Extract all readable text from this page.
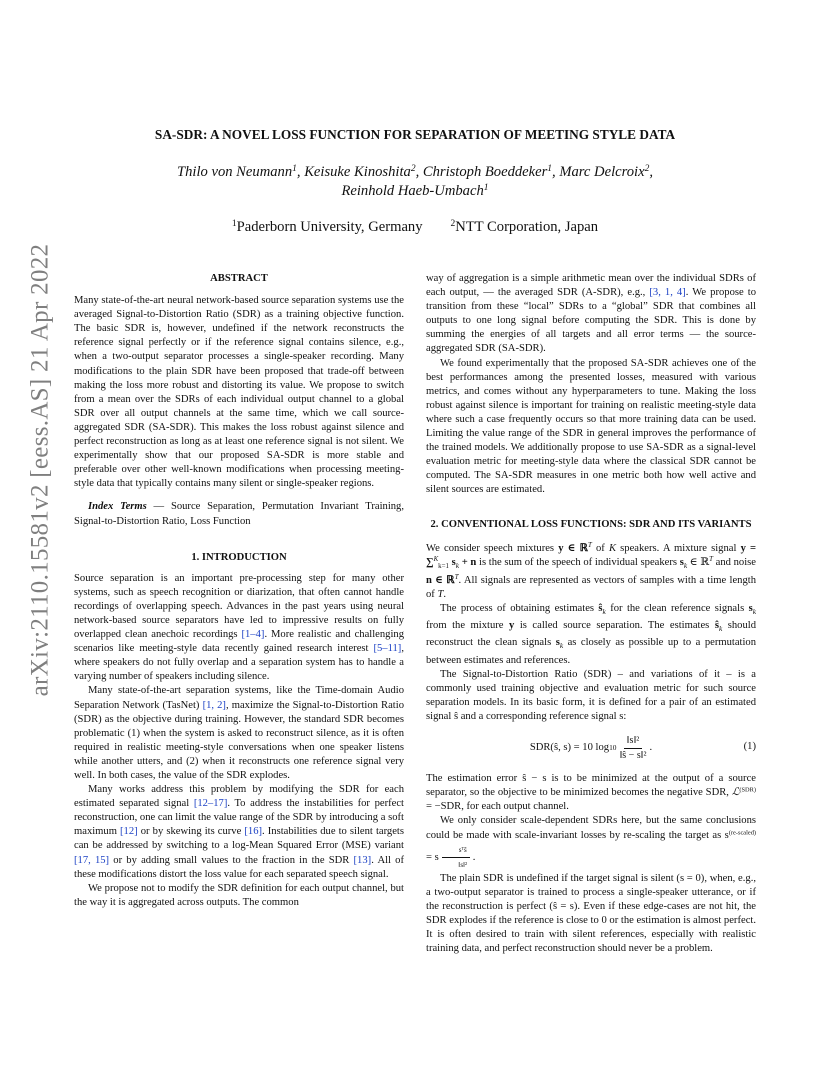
arXiv:2110.15581v2 [eess.AS] 21 Apr 2022
SA-SDR: A NOVEL LOSS FUNCTION FOR SEPARATION OF MEETING STYLE DATA
Thilo von Neumann$^1$, Keisuke Kinoshita$^2$, Christoph Boeddeker$^1$, Marc Delcroix$^2$,
Reinhold Haeb-Umbach$^1$
$^1$Paderborn University, Germany	$^2$NTT Corporation, Japan
ABSTRACT

Many state-of-the-art neural network-based source separation systems use the averaged Signal-to-Distortion Ratio (SDR) as a training objective function. The basic SDR is, however, undefined if the network reconstructs the reference signal perfectly or if the reference signal contains silence, e.g., when a two-output separator processes a single-speaker recording. Many modifications to the plain SDR have been proposed that trade-off between making the loss more robust and distorting its value. We propose to switch from a mean over the SDRs of each individual output channel to a global SDR over all output channels at the same time, which we call source-aggregated SDR (SA-SDR). This makes the loss robust against silence and perfect reconstruction as long as at least one reference signal is not silent. We experimentally show that our proposed SA-SDR is more stable and preferable over other well-known modifications when processing meeting-style data that typically contains many silent or single-speaker regions.

Index Terms — Source Separation, Permutation Invariant Training, Signal-to-Distortion Ratio, Loss Function

1. INTRODUCTION

Source separation is an important pre-processing step for many other systems, such as speech recognition or diarization, that often cannot handle recordings of overlapping speech. Advances in the past years using neural network-based source separators have led to impressive results on fully overlapped clean anechoic recordings [1–4]. More realistic and challenging scenarios like meeting-style data recently gained research interest [5–11], where speakers do not fully overlap and a separation system has to handle a varying number of speakers including silence.

Many state-of-the-art separation systems, like the Time-domain Audio Separation Network (TasNet) [1, 2], maximize the Signal-to-Distortion Ratio (SDR) as the objective during training. However, the standard SDR becomes problematic (1) when the system is asked to reconstruct silence, as it is often required in realistic meeting-style conversations when one speaker listens while another utters, and (2) when it reconstructs one reference signal very well. In both cases, the value of the SDR explodes.

Many works address this problem by modifying the SDR for each estimated separated signal [12–17]. To address the instabilities for perfect reconstruction, one can limit the value range of the SDR by introducing a soft maximum [12] or by skewing its curve [16]. Instabilities due to silent targets can be addressed by switching to a log-Mean Squared Error (MSE) variant [17, 15] or by adding small values to the fraction in the SDR [13]. All of these modifications distort the loss value for each separated speech signal.

We propose not to modify the SDR definition for each output channel, but the way it is aggregated across outputs. The common

way of aggregation is a simple arithmetic mean over the individual SDRs of each output, — the averaged SDR (A-SDR), e.g., [3, 1, 4]. We propose to transition from these “local” SDRs to a “global” SDR that combines all outputs to one long signal before computing the SDR. This is done by summing the energies of all targets and all error terms — the source-aggregated SDR (SA-SDR).

We found experimentally that the proposed SA-SDR achieves one of the best performances among the presented losses, measured with various metrics, and comes without any hyperparameters to tune. Making the loss robust against silence is important for training on realistic meeting-style data where such a case frequently occurs so that more training data can be used. Limiting the value range of the SDR in general improves the performance of the trained models. We additionally propose to use SA-SDR as a signal-level evaluation metric for meeting-style data where the classical SDR cannot be computed. The SA-SDR measures in one metric both how well active and silent sources are estimated.

2. CONVENTIONAL LOSS FUNCTIONS: SDR AND ITS VARIANTS

We consider speech mixtures y ∈ ℝ$^T$ of K speakers. A mixture signal y = ∑$^K_{k=1}$ $s_k + n$ is the sum of the speech of individual speakers $s_k$ ∈ ℝ$^T$ and noise n ∈ ℝ$^T$. All signals are represented as vectors of samples with a time length of T.

The process of obtaining estimates $ŝ_k$ for the clean reference signals $s_k$ from the mixture y is called source separation. The estimates $ŝ_k$ should reconstruct the clean signals $s_k$ as closely as possible up to a permutation between estimates and references.

The Signal-to-Distortion Ratio (SDR) – and variations of it – is a commonly used training objective and evaluation metric for such source separation models. In its basic form, it is defined for a pair of an estimated signal ŝ and a corresponding reference signal s:

SDR(ŝ, s) = 10 $\log 10 \frac{\text{‖s‖²}}{\text{‖ŝ − s‖²}}$ .	(1)

The estimation error ŝ − s is to be minimized at the output of a source separator, so the objective to be minimized becomes the negative SDR, ℒ$^{(SDR)}$ = −SDR, for each output channel.

We only consider scale-dependent SDRs here, but the same conclusions could be made with scale-invariant losses by re-scaling the target as $s^{(re-scaled)} = s \frac{\text{sᵀŝ}}{\text{‖s‖²}}$ .

The plain SDR is undefined if the target signal is silent (s = 0), when, e.g., a two-output separator is trained to process a single-speaker utterance, or if the reconstruction is perfect (ŝ = s). Even if these edge-cases are not hit, the SDR explodes if the reference is close to 0 or the estimation is almost perfect. It is often desired to train with silent references, especially with realistic training data, and perfect reconstruction should never be a problem.
